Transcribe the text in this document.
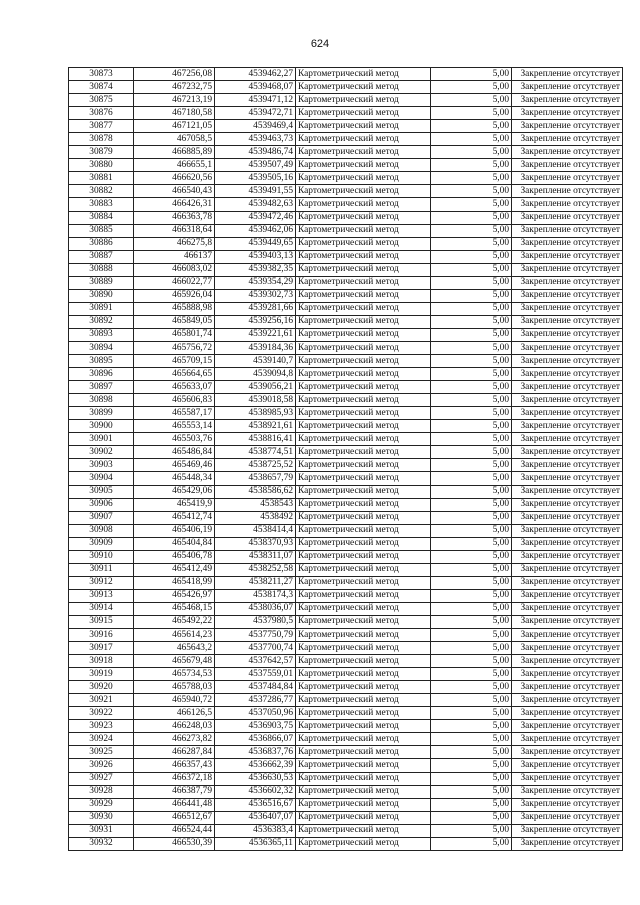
624
30873	467256,08	4539462,27	Картометрический метод	5,00	Закрепление отсутствует
30874	467232,75	4539468,07	Картометрический метод	5,00	Закрепление отсутствует
30875	467213,19	4539471,12	Картометрический метод	5,00	Закрепление отсутствует
30876	467180,58	4539472,71	Картометрический метод	5,00	Закрепление отсутствует
30877	467121,05	4539469,4	Картометрический метод	5,00	Закрепление отсутствует
30878	467058,5	4539463,73	Картометрический метод	5,00	Закрепление отсутствует
30879	466885,89	4539486,74	Картометрический метод	5,00	Закрепление отсутствует
30880	466655,1	4539507,49	Картометрический метод	5,00	Закрепление отсутствует
30881	466620,56	4539505,16	Картометрический метод	5,00	Закрепление отсутствует
30882	466540,43	4539491,55	Картометрический метод	5,00	Закрепление отсутствует
30883	466426,31	4539482,63	Картометрический метод	5,00	Закрепление отсутствует
30884	466363,78	4539472,46	Картометрический метод	5,00	Закрепление отсутствует
30885	466318,64	4539462,06	Картометрический метод	5,00	Закрепление отсутствует
30886	466275,8	4539449,65	Картометрический метод	5,00	Закрепление отсутствует
30887	466137	4539403,13	Картометрический метод	5,00	Закрепление отсутствует
30888	466083,02	4539382,35	Картометрический метод	5,00	Закрепление отсутствует
30889	466022,77	4539354,29	Картометрический метод	5,00	Закрепление отсутствует
30890	465926,04	4539302,73	Картометрический метод	5,00	Закрепление отсутствует
30891	465888,98	4539281,66	Картометрический метод	5,00	Закрепление отсутствует
30892	465849,05	4539256,16	Картометрический метод	5,00	Закрепление отсутствует
30893	465801,74	4539221,61	Картометрический метод	5,00	Закрепление отсутствует
30894	465756,72	4539184,36	Картометрический метод	5,00	Закрепление отсутствует
30895	465709,15	4539140,7	Картометрический метод	5,00	Закрепление отсутствует
30896	465664,65	4539094,8	Картометрический метод	5,00	Закрепление отсутствует
30897	465633,07	4539056,21	Картометрический метод	5,00	Закрепление отсутствует
30898	465606,83	4539018,58	Картометрический метод	5,00	Закрепление отсутствует
30899	465587,17	4538985,93	Картометрический метод	5,00	Закрепление отсутствует
30900	465553,14	4538921,61	Картометрический метод	5,00	Закрепление отсутствует
30901	465503,76	4538816,41	Картометрический метод	5,00	Закрепление отсутствует
30902	465486,84	4538774,51	Картометрический метод	5,00	Закрепление отсутствует
30903	465469,46	4538725,52	Картометрический метод	5,00	Закрепление отсутствует
30904	465448,34	4538657,79	Картометрический метод	5,00	Закрепление отсутствует
30905	465429,06	4538586,62	Картометрический метод	5,00	Закрепление отсутствует
30906	465419,9	4538543	Картометрический метод	5,00	Закрепление отсутствует
30907	465412,74	4538492	Картометрический метод	5,00	Закрепление отсутствует
30908	465406,19	4538414,4	Картометрический метод	5,00	Закрепление отсутствует
30909	465404,84	4538370,93	Картометрический метод	5,00	Закрепление отсутствует
30910	465406,78	4538311,07	Картометрический метод	5,00	Закрепление отсутствует
30911	465412,49	4538252,58	Картометрический метод	5,00	Закрепление отсутствует
30912	465418,99	4538211,27	Картометрический метод	5,00	Закрепление отсутствует
30913	465426,97	4538174,3	Картометрический метод	5,00	Закрепление отсутствует
30914	465468,15	4538036,07	Картометрический метод	5,00	Закрепление отсутствует
30915	465492,22	4537980,5	Картометрический метод	5,00	Закрепление отсутствует
30916	465614,23	4537750,79	Картометрический метод	5,00	Закрепление отсутствует
30917	465643,2	4537700,74	Картометрический метод	5,00	Закрепление отсутствует
30918	465679,48	4537642,57	Картометрический метод	5,00	Закрепление отсутствует
30919	465734,53	4537559,01	Картометрический метод	5,00	Закрепление отсутствует
30920	465788,03	4537484,84	Картометрический метод	5,00	Закрепление отсутствует
30921	465940,72	4537286,77	Картометрический метод	5,00	Закрепление отсутствует
30922	466126,5	4537050,96	Картометрический метод	5,00	Закрепление отсутствует
30923	466248,03	4536903,75	Картометрический метод	5,00	Закрепление отсутствует
30924	466273,82	4536866,07	Картометрический метод	5,00	Закрепление отсутствует
30925	466287,84	4536837,76	Картометрический метод	5,00	Закрепление отсутствует
30926	466357,43	4536662,39	Картометрический метод	5,00	Закрепление отсутствует
30927	466372,18	4536630,53	Картометрический метод	5,00	Закрепление отсутствует
30928	466387,79	4536602,32	Картометрический метод	5,00	Закрепление отсутствует
30929	466441,48	4536516,67	Картометрический метод	5,00	Закрепление отсутствует
30930	466512,67	4536407,07	Картометрический метод	5,00	Закрепление отсутствует
30931	466524,44	4536383,4	Картометрический метод	5,00	Закрепление отсутствует
30932	466530,39	4536365,11	Картометрический метод	5,00	Закрепление отсутствует
